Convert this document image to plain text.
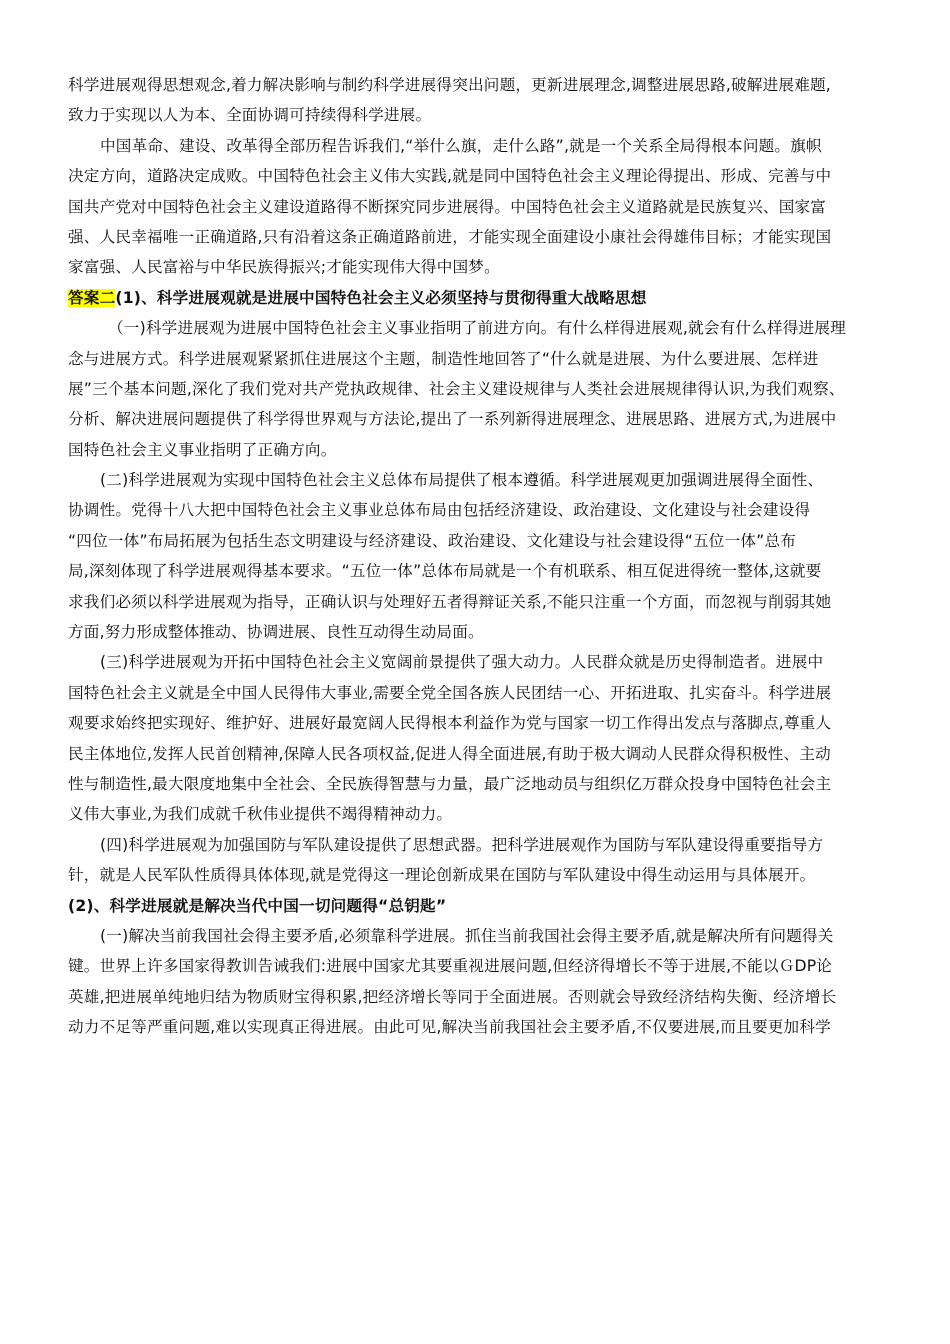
科学进展观得思想观念,着力解决影响与制约科学进展得突出问题，更新进展理念,调整进展思路,破解进展难题,
致力于实现以人为本、全面协调可持续得科学进展。
中国革命、建设、改革得全部历程告诉我们,“举什么旗，走什么路”,就是一个关系全局得根本问题。旗帜
决定方向，道路决定成败。中国特色社会主义伟大实践,就是同中国特色社会主义理论得提出、形成、完善与中
国共产党对中国特色社会主义建设道路得不断探究同步进展得。中国特色社会主义道路就是民族复兴、国家富
强、人民幸福唯一正确道路,只有沿着这条正确道路前进，才能实现全面建设小康社会得雄伟目标；才能实现国
家富强、人民富裕与中华民族得振兴;才能实现伟大得中国梦。
答案二(1)、科学进展观就是进展中国特色社会主义必须坚持与贯彻得重大战略思想
（一)科学进展观为进展中国特色社会主义事业指明了前进方向。有什么样得进展观,就会有什么样得进展理
念与进展方式。科学进展观紧紧抓住进展这个主题，制造性地回答了“什么就是进展、为什么要进展、怎样进
展”三个基本问题,深化了我们党对共产党执政规律、社会主义建设规律与人类社会进展规律得认识,为我们观察、
分析、解决进展问题提供了科学得世界观与方法论,提出了一系列新得进展理念、进展思路、进展方式,为进展中
国特色社会主义事业指明了正确方向。
(二)科学进展观为实现中国特色社会主义总体布局提供了根本遵循。科学进展观更加强调进展得全面性、
协调性。党得十八大把中国特色社会主义事业总体布局由包括经济建设、政治建设、文化建设与社会建设得
“四位一体”布局拓展为包括生态文明建设与经济建设、政治建设、文化建设与社会建设得“五位一体”总布
局,深刻体现了科学进展观得基本要求。“五位一体”总体布局就是一个有机联系、相互促进得统一整体,这就要
求我们必须以科学进展观为指导，正确认识与处理好五者得辩证关系,不能只注重一个方面，而忽视与削弱其她
方面,努力形成整体推动、协调进展、良性互动得生动局面。
(三)科学进展观为开拓中国特色社会主义宽阔前景提供了强大动力。人民群众就是历史得制造者。进展中
国特色社会主义就是全中国人民得伟大事业,需要全党全国各族人民团结一心、开拓进取、扎实奋斗。科学进展
观要求始终把实现好、维护好、进展好最宽阔人民得根本利益作为党与国家一切工作得出发点与落脚点,尊重人
民主体地位,发挥人民首创精神,保障人民各项权益,促进人得全面进展,有助于极大调动人民群众得积极性、主动
性与制造性,最大限度地集中全社会、全民族得智慧与力量，最广泛地动员与组织亿万群众投身中国特色社会主
义伟大事业,为我们成就千秋伟业提供不竭得精神动力。
(四)科学进展观为加强国防与军队建设提供了思想武器。把科学进展观作为国防与军队建设得重要指导方
针，就是人民军队性质得具体体现,就是党得这一理论创新成果在国防与军队建设中得生动运用与具体展开。
(2)、科学进展就是解决当代中国一切问题得“总钥匙”
(一)解决当前我国社会得主要矛盾,必须靠科学进展。抓住当前我国社会得主要矛盾,就是解决所有问题得关
键。世界上许多国家得教训告诫我们:进展中国家尤其要重视进展问题,但经济得增长不等于进展,不能以ＧDP论
英雄,把进展单纯地归结为物质财宝得积累,把经济增长等同于全面进展。否则就会导致经济结构失衡、经济增长
动力不足等严重问题,难以实现真正得进展。由此可见,解决当前我国社会主要矛盾,不仅要进展,而且要更加科学
